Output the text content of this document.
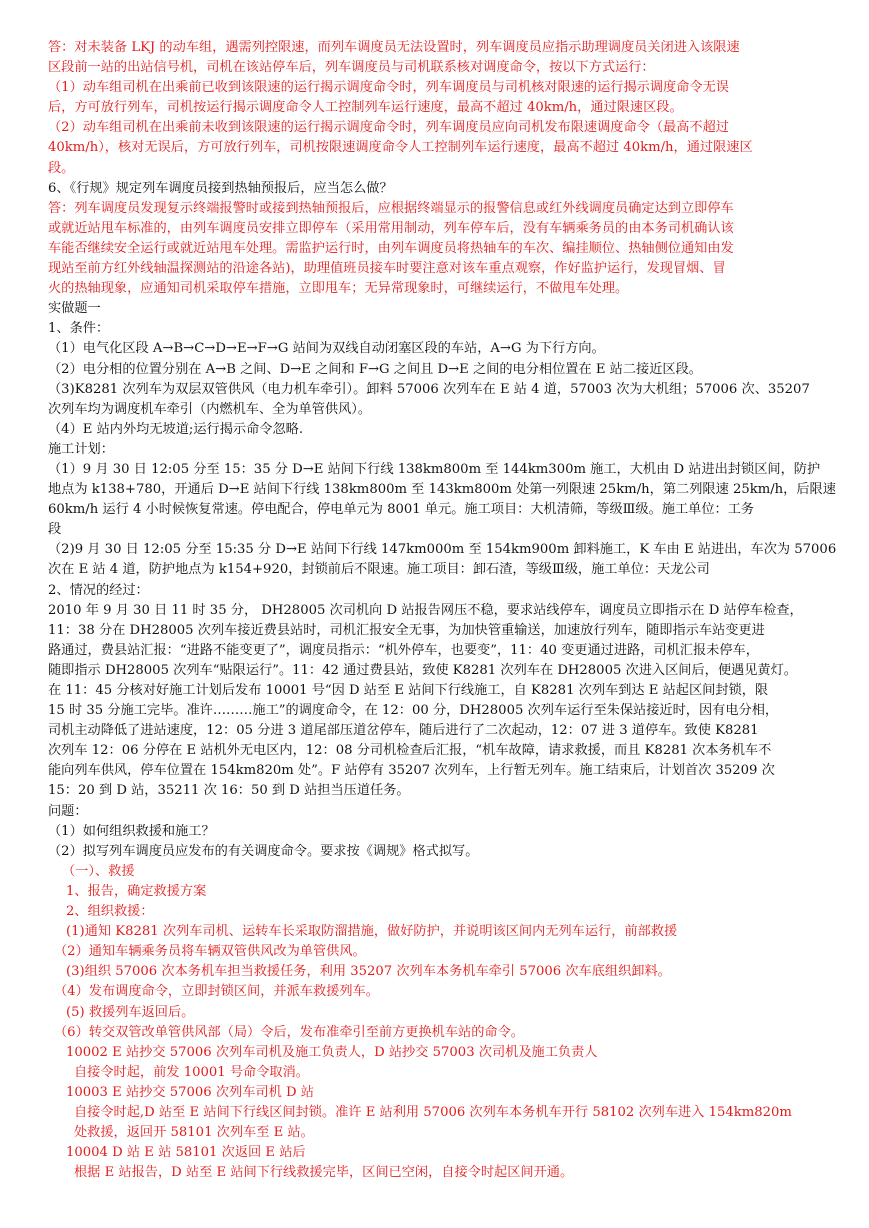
答：对未装备 LKJ 的动车组，遇需列控限速，而列车调度员无法设置时，列车调度员应指示助理调度员关闭进入该限速
区段前一站的出站信号机，司机在该站停车后，列车调度员与司机联系核对调度命令，按以下方式运行：
（1）动车组司机在出乘前已收到该限速的运行揭示调度命令时，列车调度员与司机核对限速的运行揭示调度命令无误
后，方可放行列车，司机按运行揭示调度命令人工控制列车运行速度，最高不超过 40km/h，通过限速区段。
（2）动车组司机在出乘前未收到该限速的运行揭示调度命令时，列车调度员应向司机发布限速调度命令（最高不超过
40km/h），核对无误后，方可放行列车，司机按限速调度命令人工控制列车运行速度，最高不超过 40km/h，通过限速区
段。
6、《行规》规定列车调度员接到热轴预报后，应当怎么做？
答：列车调度员发现复示终端报警时或接到热轴预报后，应根据终端显示的报警信息或红外线调度员确定达到立即停车
或就近站甩车标准的，由列车调度员安排立即停车（采用常用制动，列车停车后，没有车辆乘务员的由本务司机确认该
车能否继续安全运行或就近站甩车处理。需监护运行时，由列车调度员将热轴车的车次、编挂顺位、热轴侧位通知由发
现站至前方红外线轴温探测站的沿途各站)，助理值班员接车时要注意对该车重点观察，作好监护运行，发现冒烟、冒
火的热轴现象，应通知司机采取停车措施，立即甩车；无异常现象时，可继续运行，不做甩车处理。
实做题一
1、条件：
（1）电气化区段 A→B→C→D→E→F→G 站间为双线自动闭塞区段的车站，A→G 为下行方向。
（2）电分相的位置分别在 A→B 之间、D→E 之间和 F→G 之间且 D→E 之间的电分相位置在 E 站二接近区段。
（3)K8281 次列车为双层双管供风（电力机车牵引）。卸料 57006 次列车在 E 站 4 道，57003 次为大机组；57006 次、35207
次列车均为调度机车牵引（内燃机车、全为单管供风）。
（4）E 站内外均无坡道;运行揭示命令忽略.
施工计划：
（1）9 月 30 日 12:05 分至 15：35 分 D→E 站间下行线 138km800m 至 144km300m 施工，大机由 D 站进出封锁区间，防护
地点为 k138+780，开通后 D→E 站间下行线 138km800m 至 143km800m 处第一列限速 25km/h，第二列限速 25km/h，后限速
60km/h 运行 4 小时候恢复常速。停电配合，停电单元为 8001 单元。施工项目：大机清筛，等级Ⅲ级。施工单位：工务
段
（2)9 月 30 日 12:05 分至 15:35 分 D→E 站间下行线 147km000m 至 154km900m 卸料施工，K 车由 E 站进出，车次为 57006
次在 E 站 4 道，防护地点为 k154+920，封锁前后不限速。施工项目：卸石渣，等级Ⅲ级，施工单位：天龙公司
2、情况的经过：
2010 年 9 月 30 日 11 时 35 分， DH28005 次司机向 D 站报告网压不稳，要求站线停车，调度员立即指示在 D 站停车检查，
11：38 分在 DH28005 次列车接近费县站时，司机汇报安全无事，为加快管重输送，加速放行列车，随即指示车站变更进
路通过，费县站汇报：“进路不能变更了”，调度员指示：“机外停车，也要变”，11：40 变更通过进路，司机汇报未停车，
随即指示 DH28005 次列车“贴限运行”。11：42 通过费县站，致使 K8281 次列车在 DH28005 次进入区间后，便遇见黄灯。
在 11：45 分核对好施工计划后发布 10001 号“因 D 站至 E 站间下行线施工，自 K8281 次列车到达 E 站起区间封锁，限
15 时 35 分施工完毕。准许………施工”的调度命令，在 12：00 分，DH28005 次列车运行至朱保站接近时，因有电分相，
司机主动降低了进站速度，12：05 分进 3 道尾部压道岔停车，随后进行了二次起动，12：07 进 3 道停车。致使 K8281
次列车 12：06 分停在 E 站机外无电区内，12：08 分司机检查后汇报，“机车故障，请求救援，而且 K8281 次本务机车不
能向列车供风，停车位置在 154km820m 处”。F 站停有 35207 次列车，上行暂无列车。施工结束后，计划首次 35209 次
15：20 到 D 站，35211 次 16：50 到 D 站担当压道任务。
问题：
（1）如何组织救援和施工？
（2）拟写列车调度员应发布的有关调度命令。要求按《调规》格式拟写。
（一）、救援
1、报告，确定救援方案
2、组织救援：
(1)通知 K8281 次列车司机、运转车长采取防溜措施，做好防护，并说明该区间内无列车运行，前部救援
（2）通知车辆乘务员将车辆双管供风改为单管供风。
(3)组织 57006 次本务机车担当救援任务，利用 35207 次列车本务机车牵引 57006 次车底组织卸料。
（4）发布调度命令，立即封锁区间，并派车救援列车。
(5) 救援列车返回后。
（6）转交双管改单管供风部（局）令后，发布准牵引至前方更换机车站的命令。
10002 E 站抄交 57006 次列车司机及施工负责人，D 站抄交 57003 次司机及施工负责人
自接令时起，前发 10001 号命令取消。
10003 E 站抄交 57006 次列车司机 D 站
自接令时起,D 站至 E 站间下行线区间封锁。准许 E 站利用 57006 次列车本务机车开行 58102 次列车进入 154km820m
处救援，返回开 58101 次列车至 E 站。
10004 D 站 E 站 58101 次返回 E 站后
根据 E 站报告，D 站至 E 站间下行线救援完毕，区间已空闲，自接令时起区间开通。
